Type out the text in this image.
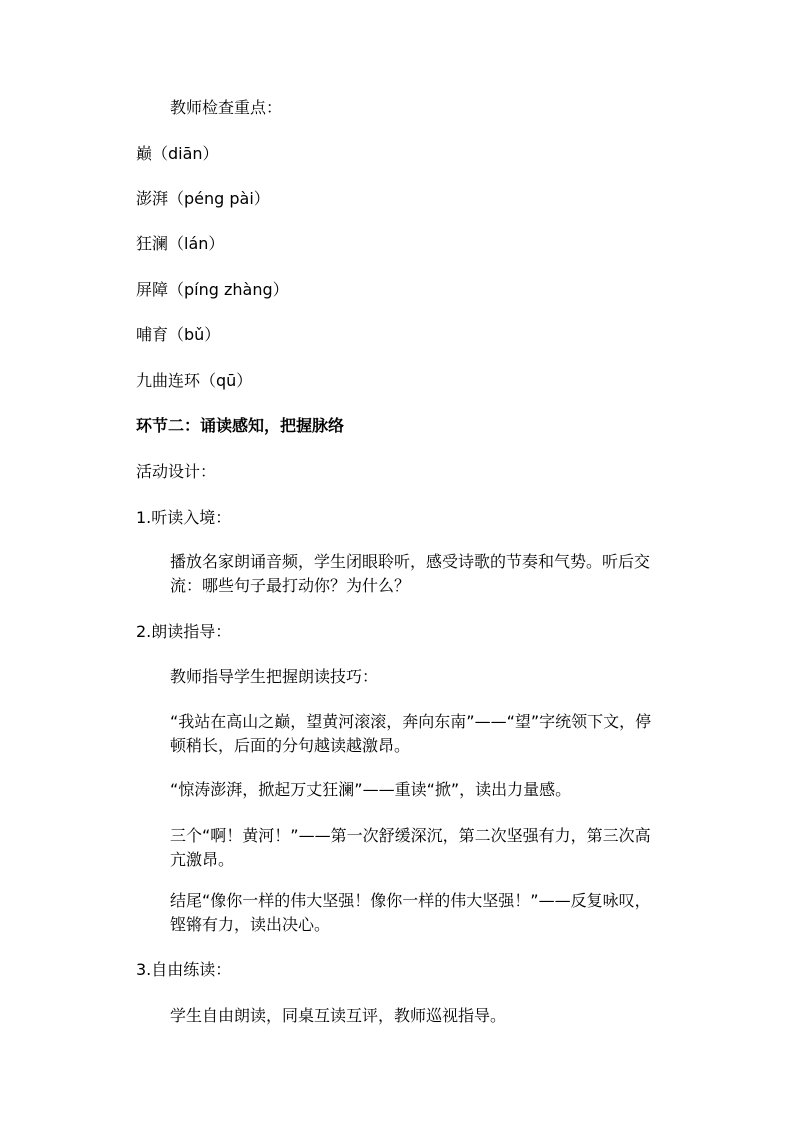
教师检查重点：
巅（diān）
澎湃（péng pài）
狂澜（lán）
屏障（píng zhàng）
哺育（bǔ）
九曲连环（qū）
环节二：诵读感知，把握脉络
活动设计：
1.听读入境：
播放名家朗诵音频，学生闭眼聆听，感受诗歌的节奏和气势。听后交流：哪些句子最打动你？为什么？
2.朗读指导：
教师指导学生把握朗读技巧：
“我站在高山之巅，望黄河滚滚，奔向东南”——“望”字统领下文，停顿稍长，后面的分句越读越激昂。
“惊涛澎湃，掀起万丈狂澜”——重读“掀”，读出力量感。
三个“啊！黄河！”——第一次舒缓深沉，第二次坚强有力，第三次高亢激昂。
结尾“像你一样的伟大坚强！像你一样的伟大坚强！”——反复咏叹，铿锵有力，读出决心。
3.自由练读：
学生自由朗读，同桌互读互评，教师巡视指导。
